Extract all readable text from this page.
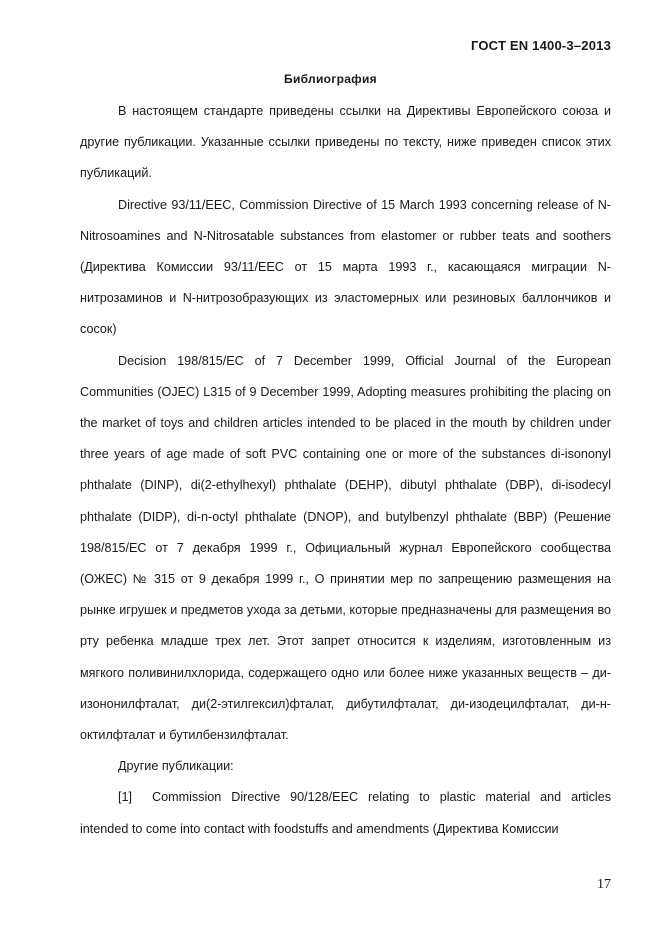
ГОСТ EN 1400-3–2013
Библиография

В настоящем стандарте приведены ссылки на Директивы Европейского союза и другие публикации. Указанные ссылки приведены по тексту, ниже приведен список этих публикаций.

Directive 93/11/EEC, Commission Directive of 15 March 1993 concerning release of N-Nitrosoamines and N-Nitrosatable substances from elastomer or rubber teats and soothers (Директива Комиссии 93/11/EEC от 15 марта 1993 г., касающаяся миграции N-нитрозаминов и N-нитрозобразующих из эластомерных или резиновых баллончиков и сосок)

Decision 198/815/EC of 7 December 1999, Official Journal of the European Communities (OJEC) L315 of 9 December 1999, Adopting measures prohibiting the placing on the market of toys and children articles intended to be placed in the mouth by children under three years of age made of soft PVC containing one or more of the substances di-isononyl phthalate (DINP), di(2-ethylhexyl) phthalate (DEHP), dibutyl phthalate (DBP), di-isodecyl phthalate (DIDP), di-n-octyl phthalate (DNOP), and butylbenzyl phthalate (BBP) (Решение 198/815/ЕС от 7 декабря 1999 г., Официальный журнал Европейского сообщества (ОЖЕС) № 315 от 9 декабря 1999 г., О принятии мер по запрещению размещения на рынке игрушек и предметов ухода за детьми, которые предназначены для размещения во рту ребенка младше трех лет. Этот запрет относится к изделиям, изготовленным из мягкого поливинилхлорида, содержащего одно или более ниже указанных веществ – ди-изононилфталат, ди(2-этилгексил)фталат, дибутилфталат, ди-изодецилфталат, ди-н-октилфталат и бутилбензилфталат.

Другие публикации:

[1] Commission Directive 90/128/EEC relating to plastic material and articles intended to come into contact with foodstuffs and amendments (Директива Комиссии

17
